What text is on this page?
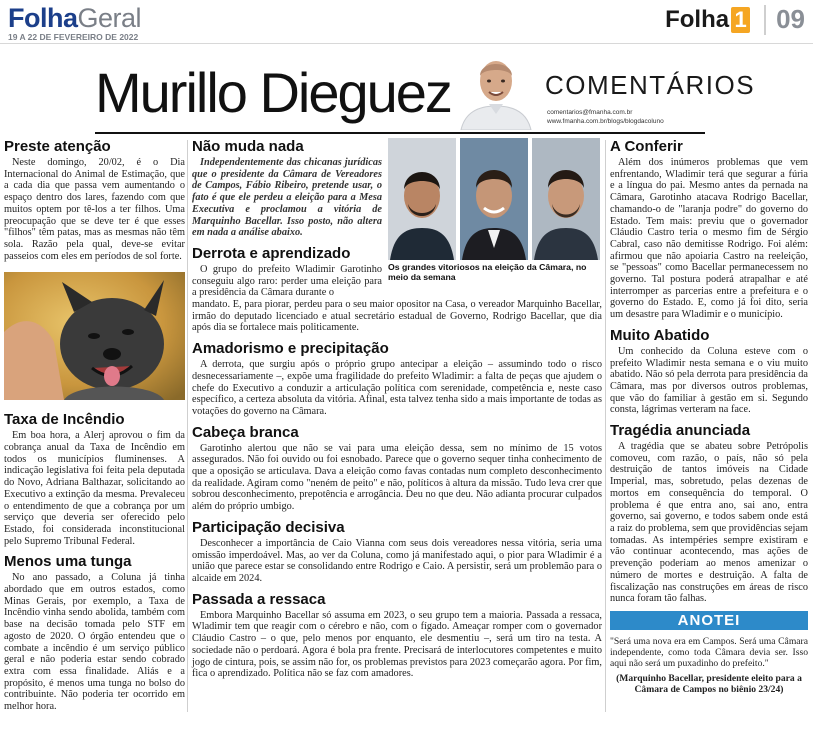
FolhaGeral
19 A 22 DE FEVEREIRO DE 2022
Folha 1 09
Murillo Dieguez	COMENTÁRIOS
comentarios@fmanha.com.br
www.fmanha.com.br/blogs/blogdacoluno
Preste atenção

Neste domingo, 20/02, é o Dia Internacional do Animal de Estimação, que a cada dia que passa vem aumentando o espaço dentro dos lares, fazendo com que muitos optem por tê-los a ter filhos. Uma preocupação que se deve ter é que esses "filhos" têm patas, mas as mesmas não têm sola. Razão pela qual, deve-se evitar passeios com eles em períodos de sol forte.

Taxa de Incêndio

Em boa hora, a Alerj aprovou o fim da cobrança anual da Taxa de Incêndio em todos os municípios fluminenses. A indicação legislativa foi feita pela deputada do Novo, Adriana Balthazar, solicitando ao Executivo a extinção da mesma. Prevaleceu o entendimento de que a cobrança por um serviço que deveria ser oferecido pelo Estado, foi considerada inconstitucional pelo Supremo Tribunal Federal.

Menos uma tunga

No ano passado, a Coluna já tinha abordado que em outros estados, como Minas Gerais, por exemplo, a Taxa de Incêndio vinha sendo abolida, também com base na decisão tomada pelo STF em agosto de 2020. O órgão entendeu que o combate a incêndio é um serviço público geral e não poderia estar sendo cobrado extra com essa finalidade. Aliás e a propósito, é menos uma tunga no bolso do contribuinte. Não poderia ter ocorrido em melhor hora.

Não muda nada

Independentemente das chicanas jurídicas que o presidente da Câmara de Vereadores de Campos, Fábio Ribeiro, pretende usar, o fato é que ele perdeu a eleição para a Mesa Executiva e proclamou a vitória de Marquinho Bacellar. Isso posto, não altera em nada a análise abaixo.

Derrota e aprendizado

O grupo do prefeito Wladimir Garotinho conseguiu algo raro: perder uma eleição para a presidência da Câmara durante o

Os grandes vitoriosos na eleição da Câmara, no meio da semana

mandato. E, para piorar, perdeu para o seu maior opositor na Casa, o vereador Marquinho Bacellar, irmão do deputado licenciado e atual secretário estadual de Governo, Rodrigo Bacellar, que dia após dia se fortalece mais politicamente.

Amadorismo e precipitação

A derrota, que surgiu após o próprio grupo antecipar a eleição – assumindo todo o risco desnecessariamente –, expõe uma fragilidade do prefeito Wladimir: a falta de peças que ajudem o chefe do Executivo a conduzir a articulação política com serenidade, competência e, neste caso específico, a certeza absoluta da vitória. Afinal, esta talvez tenha sido a mais importante de todas as votações do governo na Câmara.

Cabeça branca

Garotinho alertou que não se vai para uma eleição dessa, sem no mínimo de 15 votos assegurados. Não foi ouvido ou foi esnobado. Parece que o governo sequer tinha conhecimento de que a oposição se articulava. Dava a eleição como favas contadas num completo desconhecimento da realidade. Agiram como "neném de peito" e não, políticos à altura da missão. Tudo leva crer que sobrou desconhecimento, prepotência e arrogância. Deu no que deu. Não adianta procurar culpados além do próprio umbigo.

Participação decisiva

Desconhecer a importância de Caio Vianna com seus dois vereadores nessa vitória, seria uma omissão imperdoável. Mas, ao ver da Coluna, como já manifestado aqui, o pior para Wladimir é a união que parece estar se consolidando entre Rodrigo e Caio. A persistir, será um problemão para o alcaide em 2024.

Passada a ressaca

Embora Marquinho Bacellar só assuma em 2023, o seu grupo tem a maioria. Passada a ressaca, Wladimir tem que reagir com o cérebro e não, com o fígado. Ameaçar romper com o governador Cláudio Castro – o que, pelo menos por enquanto, ele desmentiu –, será um tiro na testa. A sociedade não o perdoará. Agora é bola pra frente. Precisará de interlocutores competentes e muito jogo de cintura, pois, se assim não for, os problemas previstos para 2023 começarão agora. Por fim, fica o aprendizado. Política não se faz com amadores.

A Conferir

Além dos inúmeros problemas que vem enfrentando, Wladimir terá que segurar a fúria e a língua do pai. Mesmo antes da pernada na Câmara, Garotinho atacava Rodrigo Bacellar, chamando-o de "laranja podre" do governo do Estado. Tem mais: previu que o governador Cláudio Castro teria o mesmo fim de Sérgio Cabral, caso não demitisse Rodrigo. Foi além: afirmou que não apoiaria Castro na reeleição, se "pessoas" como Bacellar permanecessem no governo. Tal postura poderá atrapalhar e até interromper as parcerias entre a prefeitura e o governo do Estado. E, como já foi dito, seria um desastre para Wladimir e o município.

Muito Abatido

Um conhecido da Coluna esteve com o prefeito Wladimir nesta semana e o viu muito abatido. Não só pela derrota para presidência da Câmara, mas por diversos outros problemas, que vão do familiar à gestão em si. Segundo consta, lágrimas verteram na face.

Tragédia anunciada

A tragédia que se abateu sobre Petrópolis comoveu, com razão, o país, não só pela destruição de tantos imóveis na Cidade Imperial, mas, sobretudo, pelas dezenas de mortos em consequência do temporal. O problema é que entra ano, sai ano, entra governo, sai governo, e todos sabem onde está a raiz do problema, sem que providências sejam tomadas. As intempéries sempre existiram e vão continuar acontecendo, mas ações de prevenção poderiam ao menos amenizar o número de mortes e destruição. A falta de fiscalização nas construções em áreas de risco nunca foram tão falhas.

ANOTEI

"Será uma nova era em Campos. Será uma Câmara independente, como toda Câmara devia ser. Isso aqui não será um puxadinho do prefeito."

(Marquinho Bacellar, presidente eleito para a Câmara de Campos no biênio 23/24)
